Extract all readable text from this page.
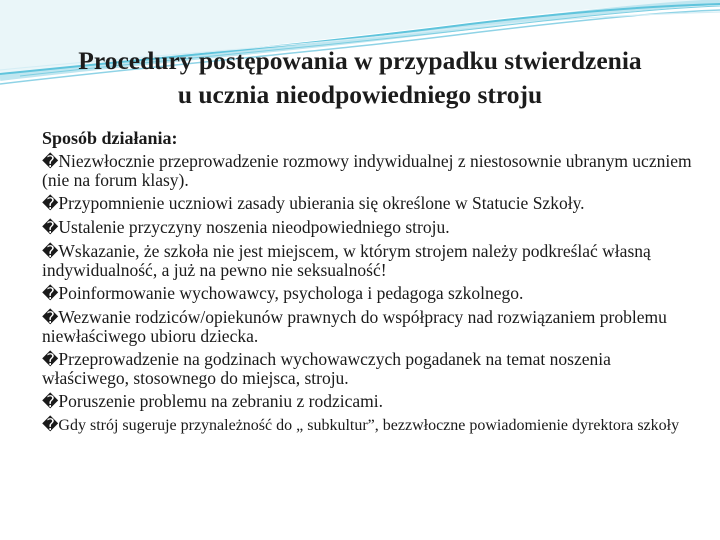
Procedury postępowania w przypadku stwierdzenia
u ucznia nieodpowiedniego stroju
Sposób działania:
�Niezwłocznie przeprowadzenie rozmowy indywidualnej z niestosownie ubranym uczniem (nie na forum klasy).
�Przypomnienie uczniowi zasady ubierania się określone w Statucie Szkoły.
�Ustalenie przyczyny noszenia nieodpowiedniego stroju.
�Wskazanie, że szkoła nie jest miejscem, w którym strojem należy podkreślać własną indywidualność, a już na pewno nie seksualność!
�Poinformowanie wychowawcy, psychologa i pedagoga szkolnego.
�Wezwanie rodziców/opiekunów prawnych do współpracy nad rozwiązaniem problemu niewłaściwego ubioru dziecka.
�Przeprowadzenie na godzinach wychowawczych pogadanek na temat noszenia właściwego, stosownego do miejsca, stroju.
�Poruszenie problemu na zebraniu z rodzicami.
�Gdy strój sugeruje przynależność do „ subkultur”, bezzwłoczne powiadomienie dyrektora szkoły
